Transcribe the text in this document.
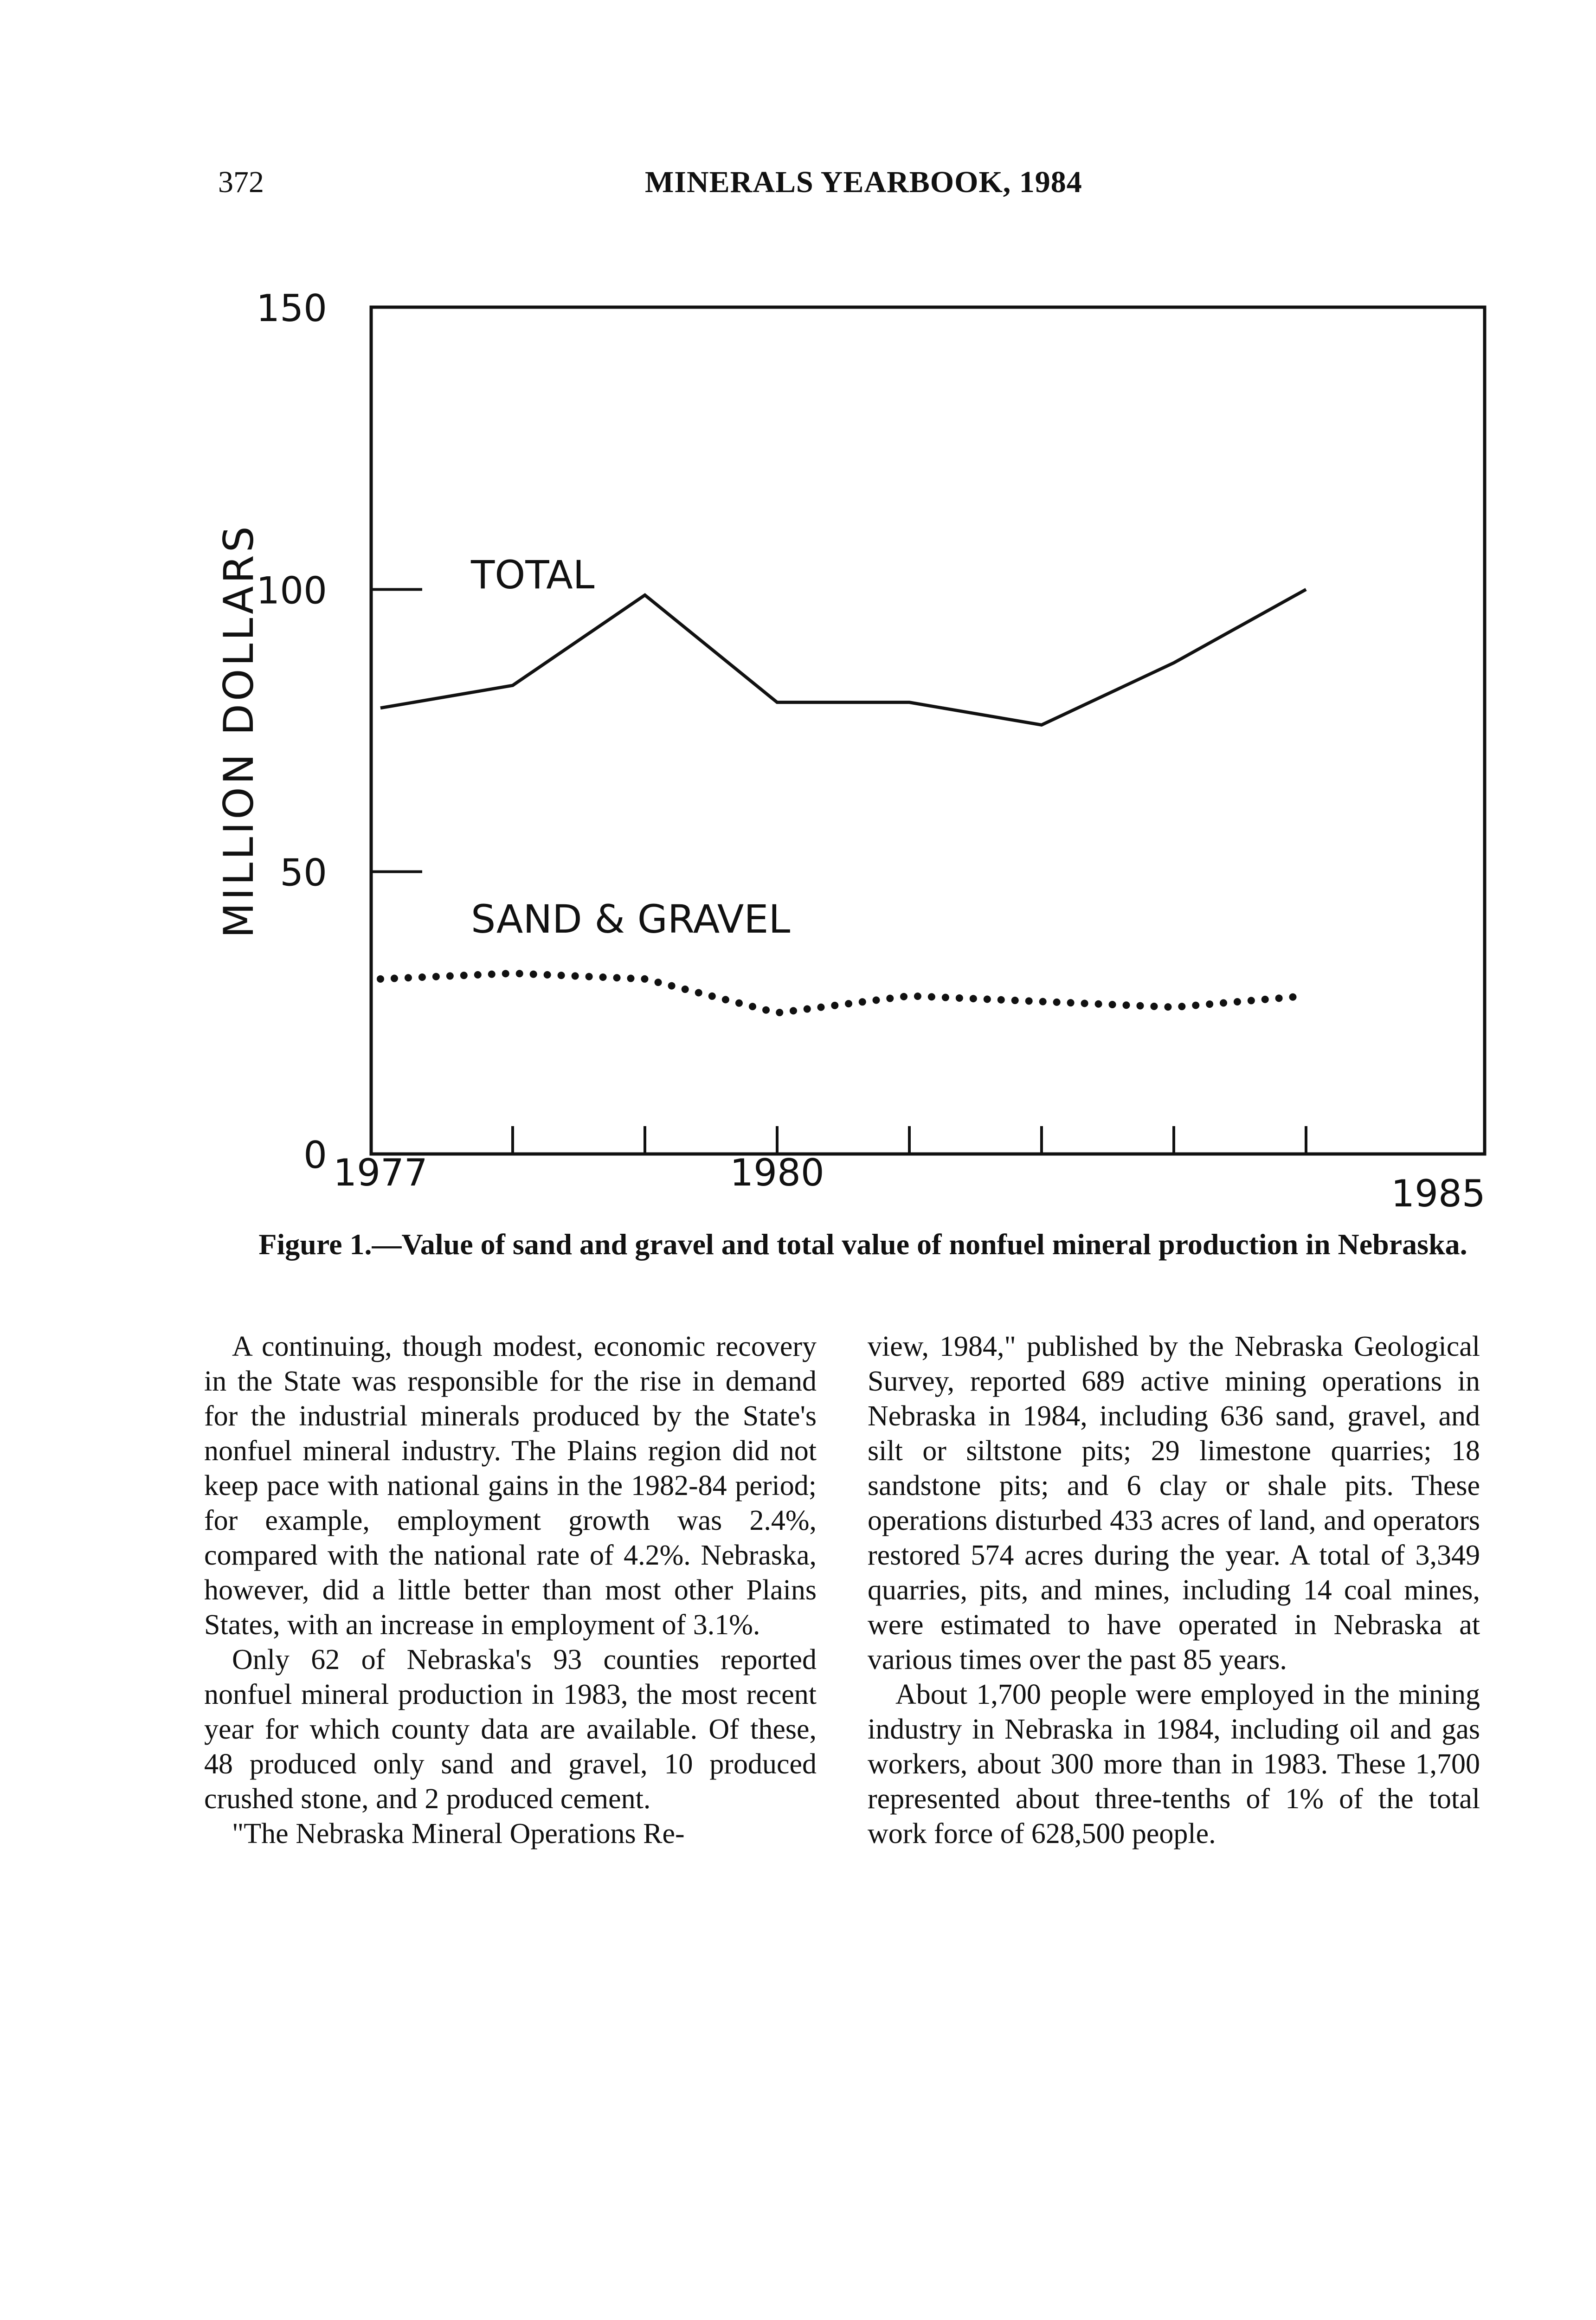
372	MINERALS YEARBOOK, 1984
0
50
100
150
1977	1980	1985
TOTAL
SAND & GRAVEL
MILLION DOLLARS
Figure 1.—Value of sand and gravel and total value of nonfuel mineral production in Nebraska.

A continuing, though modest, economic recovery in the State was responsible for the rise in demand for the industrial minerals produced by the State's nonfuel mineral industry. The Plains region did not keep pace with national gains in the 1982-84 period; for example, employment growth was 2.4%, compared with the national rate of 4.2%. Nebraska, however, did a little better than most other Plains States, with an increase in employment of 3.1%.

Only 62 of Nebraska's 93 counties reported nonfuel mineral production in 1983, the most recent year for which county data are available. Of these, 48 produced only sand and gravel, 10 produced crushed stone, and 2 produced cement.

"The Nebraska Mineral Operations Re-

view, 1984," published by the Nebraska Geological Survey, reported 689 active mining operations in Nebraska in 1984, including 636 sand, gravel, and silt or siltstone pits; 29 limestone quarries; 18 sandstone pits; and 6 clay or shale pits. These operations disturbed 433 acres of land, and operators restored 574 acres during the year. A total of 3,349 quarries, pits, and mines, including 14 coal mines, were estimated to have operated in Nebraska at various times over the past 85 years.

About 1,700 people were employed in the mining industry in Nebraska in 1984, including oil and gas workers, about 300 more than in 1983. These 1,700 represented about three-tenths of 1% of the total work force of 628,500 people.
